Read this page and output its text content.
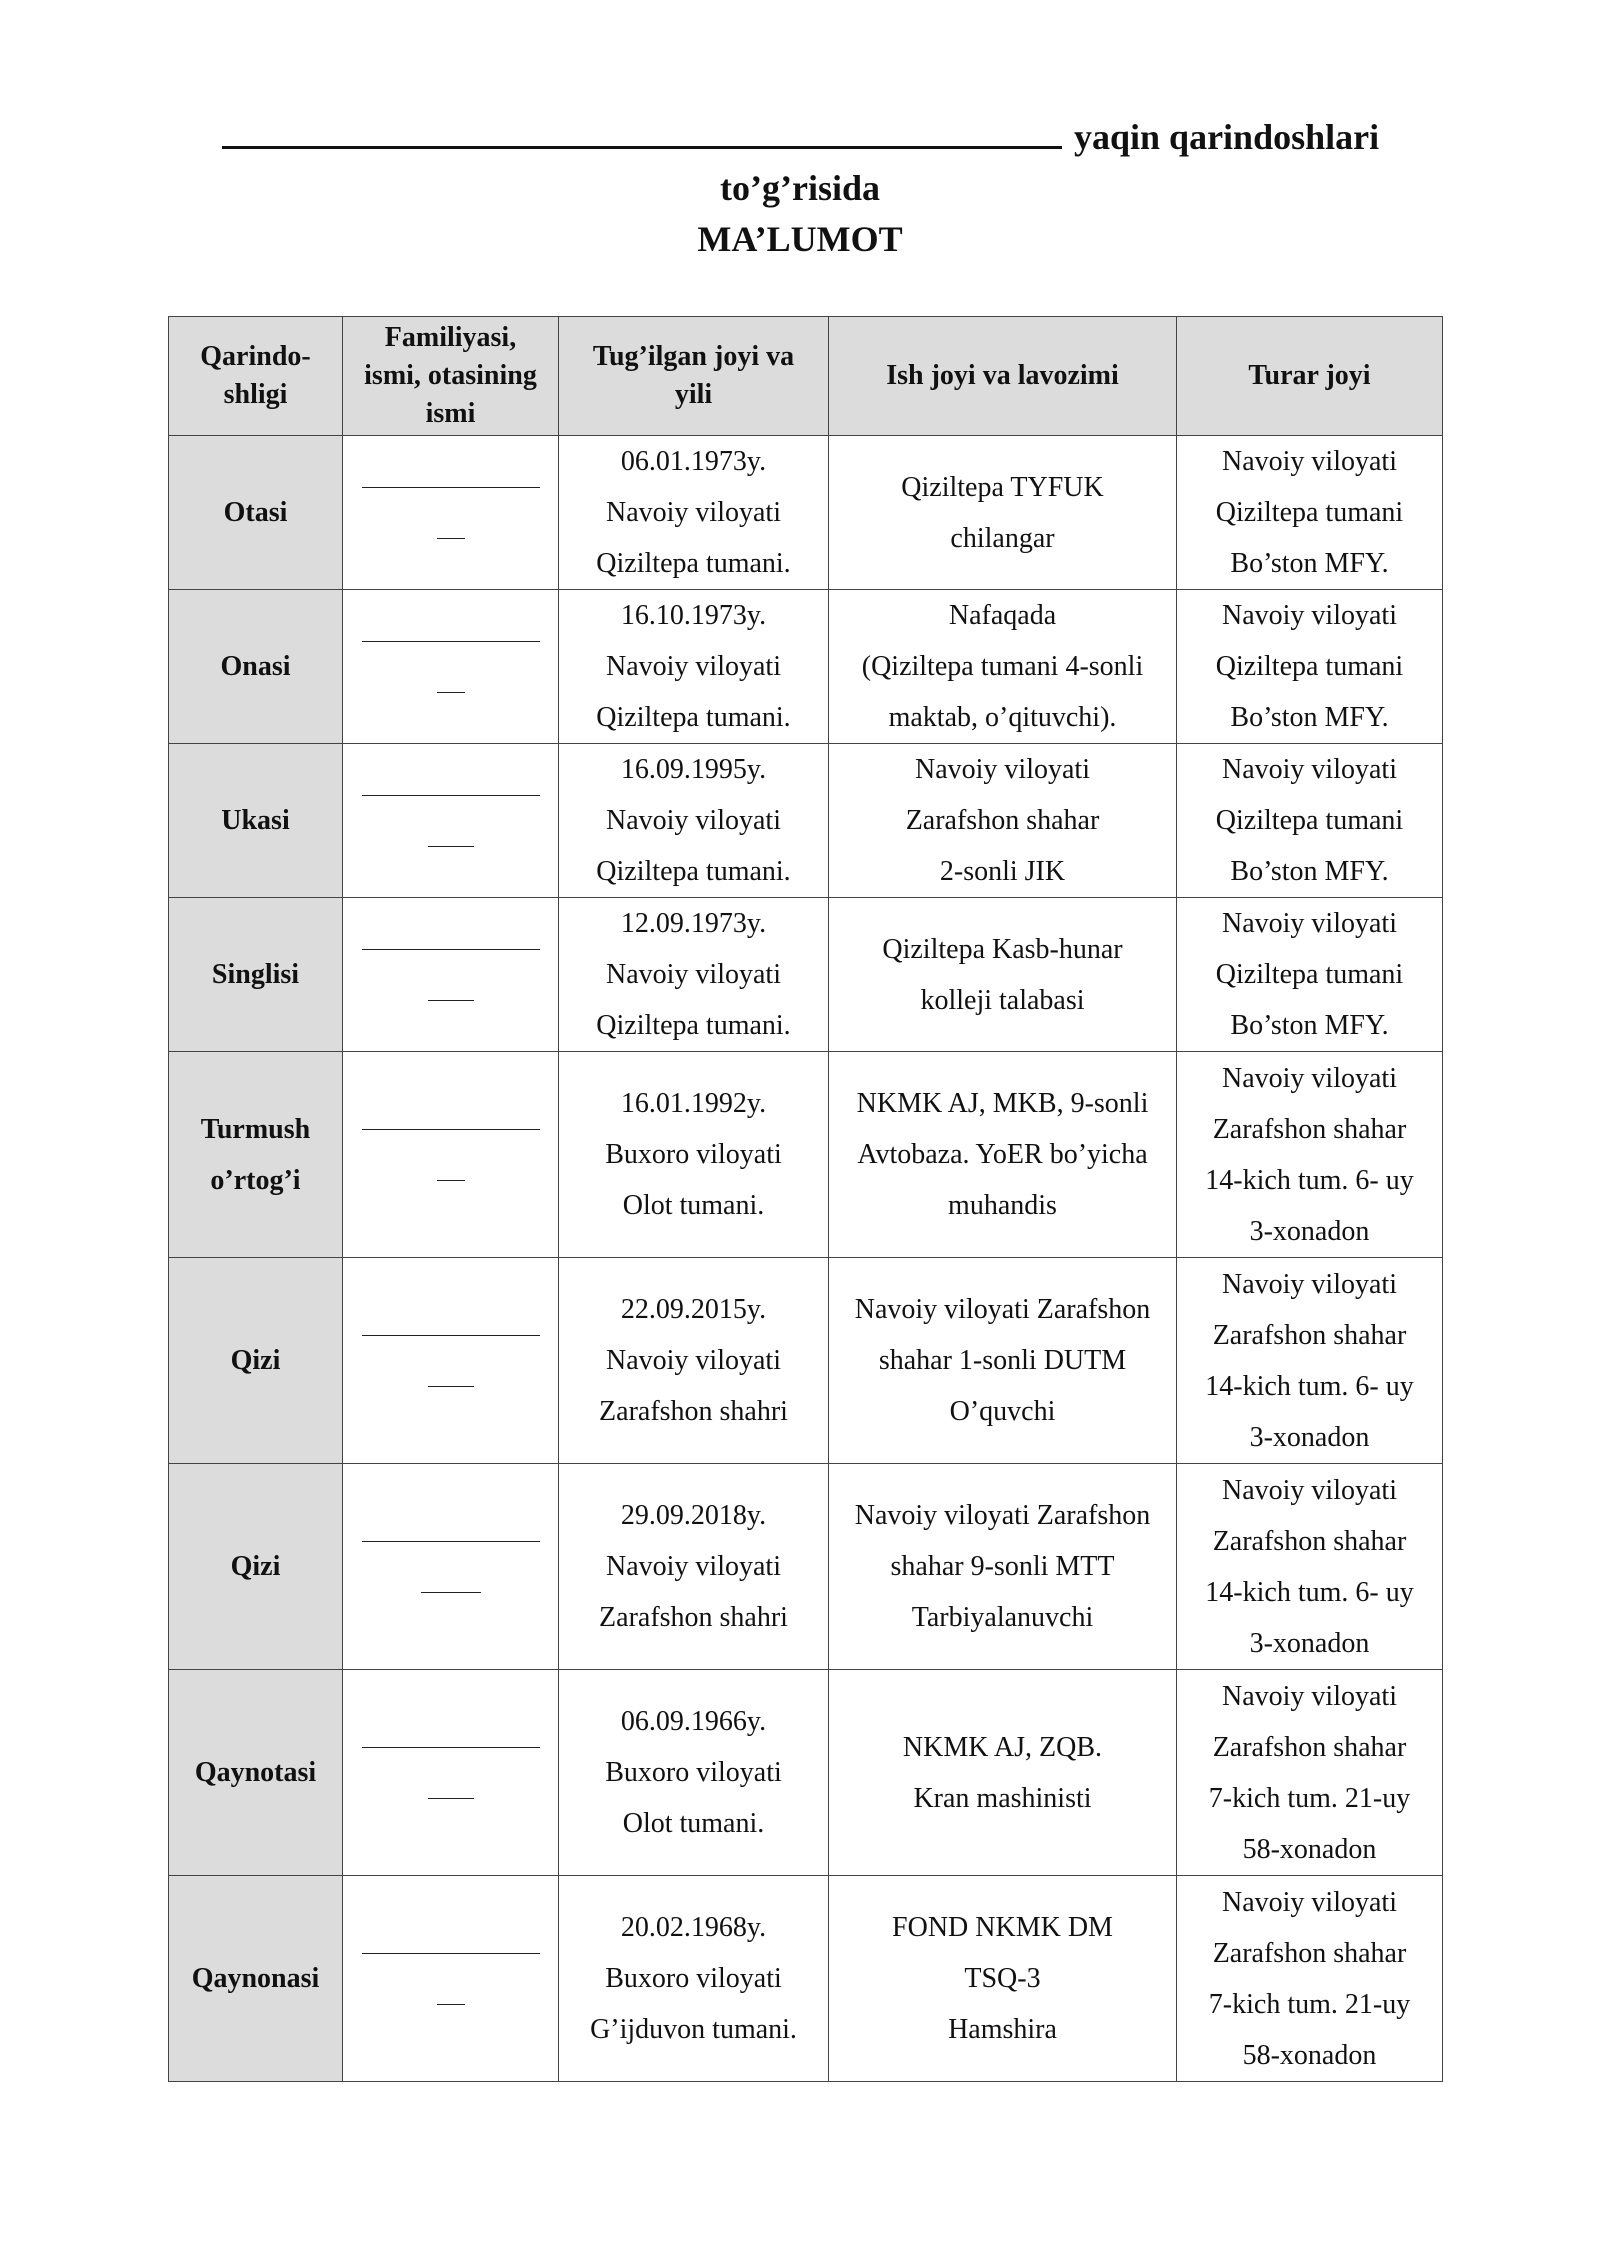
yaqin qarindoshlari
to’g’risida
MA’LUMOT
Qarindo-
shligi	Familiyasi,
ismi, otasining
ismi	Tug’ilgan joyi va
yili	Ish joyi va lavozimi	Turar joyi
Otasi		06.01.1973y.
Navoiy viloyati
Qiziltepa tumani.	Qiziltepa TYFUK
chilangar	Navoiy viloyati
Qiziltepa tumani
Bo’ston MFY.
Onasi		16.10.1973y.
Navoiy viloyati
Qiziltepa tumani.	Nafaqada
(Qiziltepa tumani 4-sonli
maktab, o’qituvchi).	Navoiy viloyati
Qiziltepa tumani
Bo’ston MFY.
Ukasi		16.09.1995y.
Navoiy viloyati
Qiziltepa tumani.	Navoiy viloyati
Zarafshon shahar
2-sonli JIK	Navoiy viloyati
Qiziltepa tumani
Bo’ston MFY.
Singlisi		12.09.1973y.
Navoiy viloyati
Qiziltepa tumani.	Qiziltepa Kasb-hunar
kolleji talabasi	Navoiy viloyati
Qiziltepa tumani
Bo’ston MFY.
Turmush
o’rtog’i		16.01.1992y.
Buxoro viloyati
Olot tumani.	NKMK AJ, MKB, 9-sonli
Avtobaza. YoER bo’yicha
muhandis	Navoiy viloyati
Zarafshon shahar
14-kich tum. 6- uy
3-xonadon
Qizi		22.09.2015y.
Navoiy viloyati
Zarafshon shahri	Navoiy viloyati Zarafshon
shahar 1-sonli DUTM
O’quvchi	Navoiy viloyati
Zarafshon shahar
14-kich tum. 6- uy
3-xonadon
Qizi		29.09.2018y.
Navoiy viloyati
Zarafshon shahri	Navoiy viloyati Zarafshon
shahar 9-sonli MTT
Tarbiyalanuvchi	Navoiy viloyati
Zarafshon shahar
14-kich tum. 6- uy
3-xonadon
Qaynotasi		06.09.1966y.
Buxoro viloyati
Olot tumani.	NKMK AJ, ZQB.
Kran mashinisti	Navoiy viloyati
Zarafshon shahar
7-kich tum. 21-uy
58-xonadon
Qaynonasi		20.02.1968y.
Buxoro viloyati
G’ijduvon tumani.	FOND NKMK DM
TSQ-3
Hamshira	Navoiy viloyati
Zarafshon shahar
7-kich tum. 21-uy
58-xonadon
